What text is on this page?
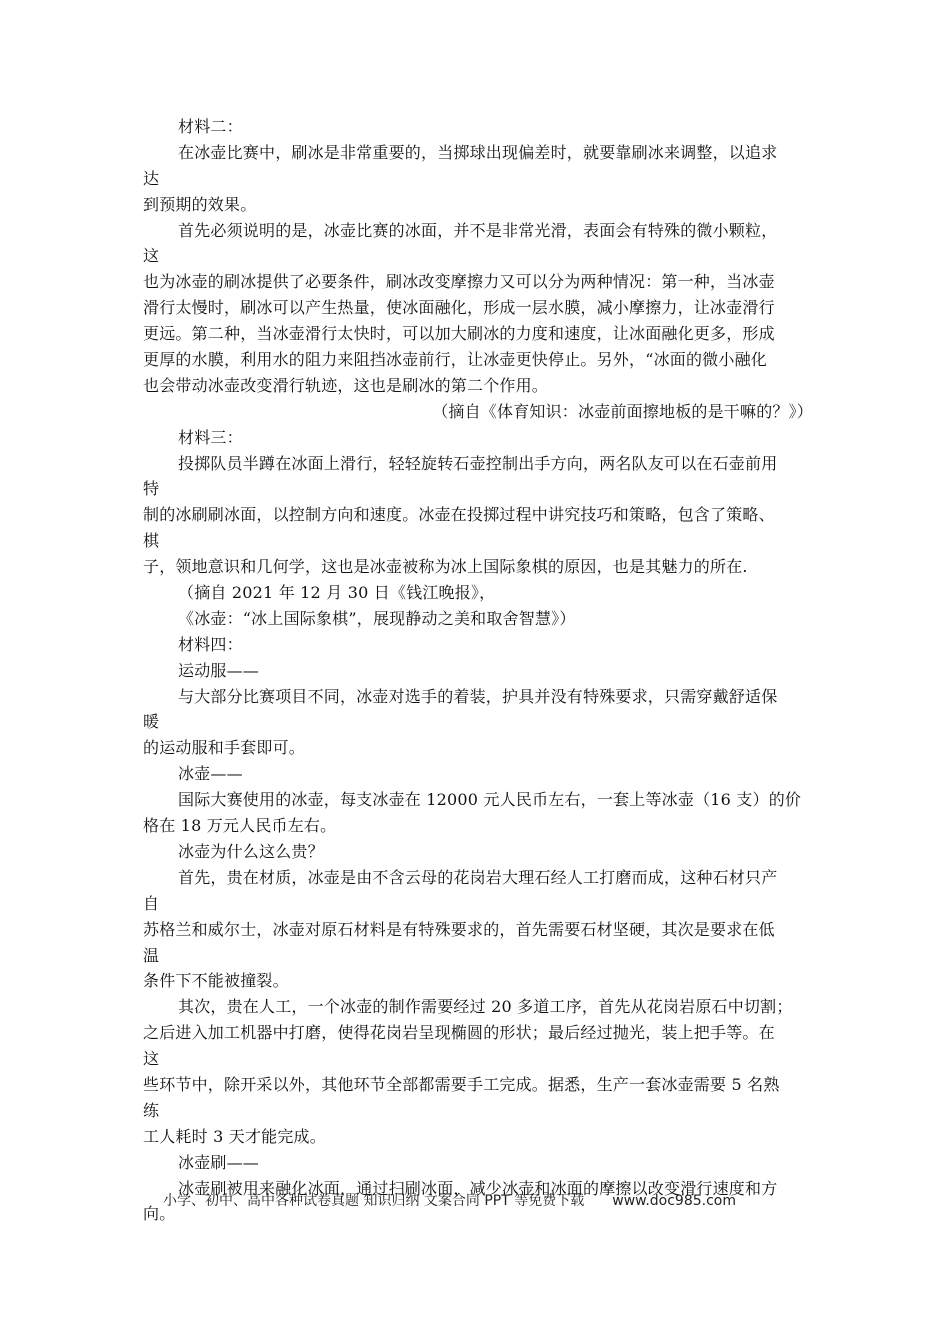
材料二：
在冰壶比赛中，刷冰是非常重要的，当掷球出现偏差时，就要靠刷冰来调整，以追求
达
到预期的效果。
首先必须说明的是，冰壶比赛的冰面，并不是非常光滑，表面会有特殊的微小颗粒，
这
也为冰壶的刷冰提供了必要条件，刷冰改变摩擦力又可以分为两种情况：第一种，当冰壶
滑行太慢时，刷冰可以产生热量，使冰面融化，形成一层水膜，减小摩擦力，让冰壶滑行
更远。第二种，当冰壶滑行太快时，可以加大刷冰的力度和速度，让冰面融化更多，形成
更厚的水膜，利用水的阻力来阻挡冰壶前行，让冰壶更快停止。另外，“冰面的微小融化
也会带动冰壶改变滑行轨迹，这也是刷冰的第二个作用。
（摘自《体育知识：冰壶前面擦地板的是干嘛的？》）
材料三：
投掷队员半蹲在冰面上滑行，轻轻旋转石壶控制出手方向，两名队友可以在石壶前用
特
制的冰刷刷冰面，以控制方向和速度。冰壶在投掷过程中讲究技巧和策略，包含了策略、
棋
子，领地意识和几何学，这也是冰壶被称为冰上国际象棋的原因，也是其魅力的所在.
（摘自 2021 年 12 月 30 日《钱江晚报》，
《冰壶：“冰上国际象棋”，展现静动之美和取舍智慧》）
材料四：
运动服——
与大部分比赛项目不同，冰壶对选手的着装，护具并没有特殊要求，只需穿戴舒适保
暖
的运动服和手套即可。
冰壶——
国际大赛使用的冰壶，每支冰壶在 12000 元人民币左右，一套上等冰壶（16 支）的价
格在 18 万元人民币左右。
冰壶为什么这么贵？
首先，贵在材质，冰壶是由不含云母的花岗岩大理石经人工打磨而成，这种石材只产
自
苏格兰和威尔士，冰壶对原石材料是有特殊要求的，首先需要石材坚硬，其次是要求在低
温
条件下不能被撞裂。
其次，贵在人工，一个冰壶的制作需要经过 20 多道工序，首先从花岗岩原石中切割；
之后进入加工机器中打磨，使得花岗岩呈现椭圆的形状；最后经过抛光，装上把手等。在
这
些环节中，除开采以外，其他环节全部都需要手工完成。据悉，生产一套冰壶需要 5 名熟
练
工人耗时 3 天才能完成。
冰壶刷——
冰壶刷被用来融化冰面，通过扫刷冰面，减少冰壶和冰面的摩擦以改变滑行速度和方
向。
小学、初中、高中各种试卷真题 知识归纳 文案合同 PPT 等免费下载 www.doc985.com
